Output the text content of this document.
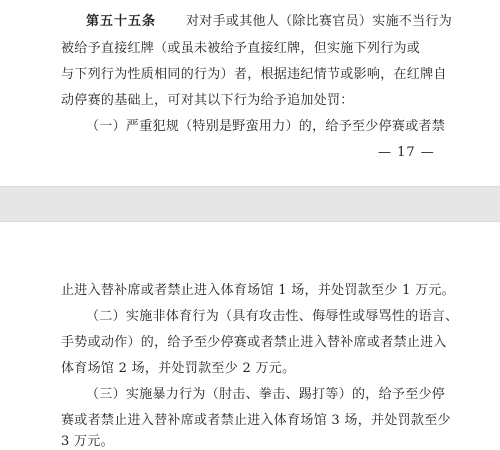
第五十五条 对对手或其他人（除比赛官员）实施不当行为
被给予直接红牌（或虽未被给予直接红牌，但实施下列行为或
与下列行为性质相同的行为）者，根据违纪情节或影响，在红牌自
动停赛的基础上，可对其以下行为给予追加处罚：
（一）严重犯规（特别是野蛮用力）的，给予至少停赛或者禁
— 17 —
止进入替补席或者禁止进入体育场馆 1 场，并处罚款至少 1 万元。
（二）实施非体育行为（具有攻击性、侮辱性或辱骂性的语言、
手势或动作）的，给予至少停赛或者禁止进入替补席或者禁止进入
体育场馆 2 场，并处罚款至少 2 万元。
（三）实施暴力行为（肘击、拳击、踢打等）的，给予至少停
赛或者禁止进入替补席或者禁止进入体育场馆 3 场，并处罚款至少
3 万元。
